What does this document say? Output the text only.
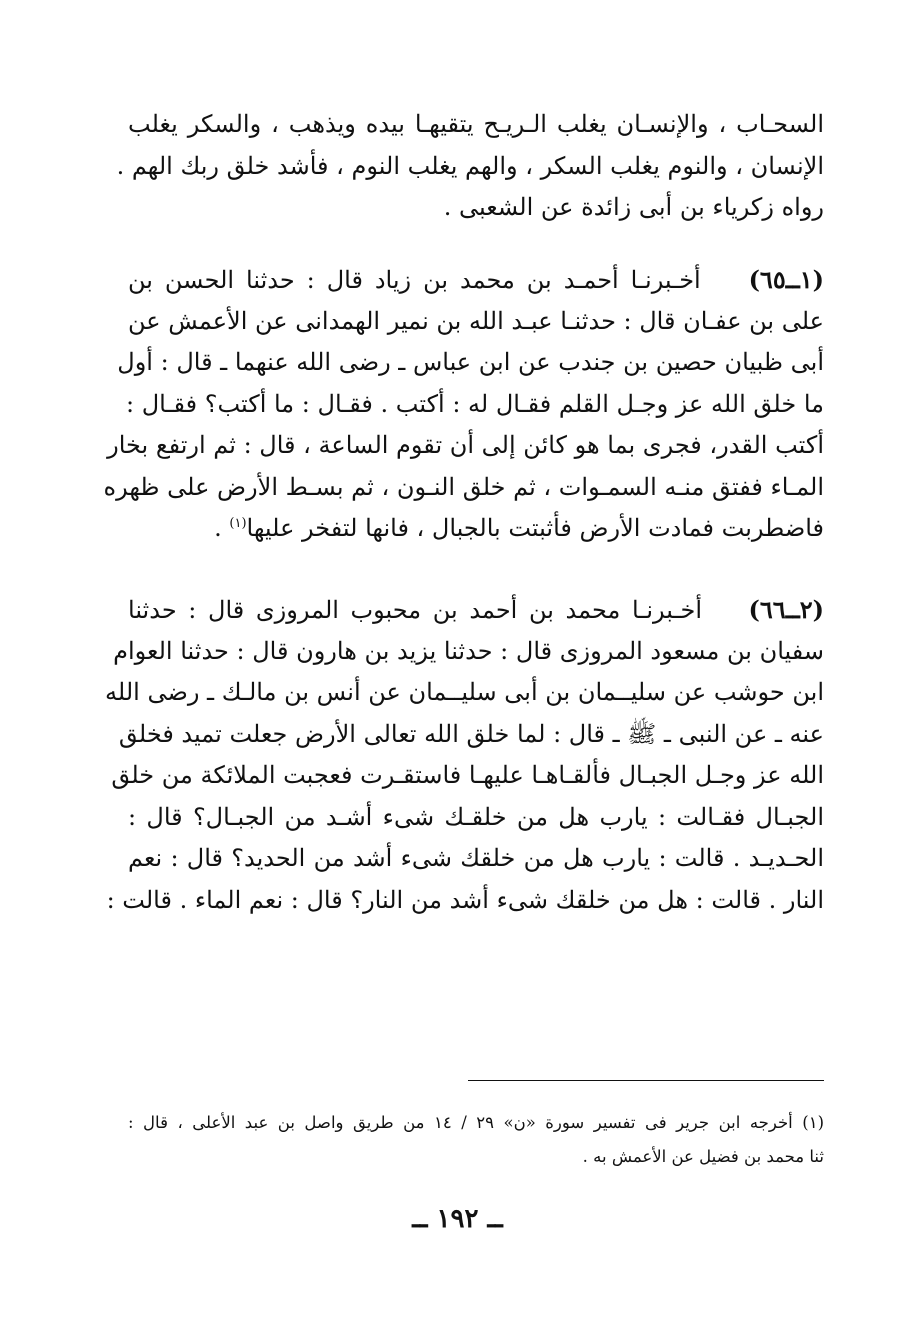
السحـاب ، والإنسـان يغلب الـريـح يتقيهـا بيده ويذهب ، والسكر يغلب
الإنسان ، والنوم يغلب السكر ، والهم يغلب النوم ، فأشد خلق ربك الهم .
رواه زكرياء بن أبى زائدة عن الشعبى .
(١ــ٦٥)    أخـبرنـا أحمـد بن محمد بن زياد قال : حدثنا الحسن بن
على بن عفـان قال : حدثنـا عبـد الله بن نمير الهمدانى عن الأعمش عن
أبى ظبيان حصين بن جندب عن ابن عباس ـ رضى الله عنهما ـ قال : أول
ما خلق الله عز وجـل القلم فقـال له : أكتب . فقـال : ما أكتب؟ فقـال :
أكتب القدر، فجرى بما هو كائن إلى أن تقوم الساعة ، قال : ثم ارتفع بخار
المـاء ففتق منـه السمـوات ، ثم خلق النـون ، ثم بسـط الأرض على ظهره
فاضطربت فمادت الأرض فأثبتت بالجبال ، فانها لتفخر عليها$^{(١)}$ .
(٢ــ٦٦)    أخـبرنـا محمد بن أحمد بن محبوب المروزى قال : حدثنا
سفيان بن مسعود المروزى قال : حدثنا يزيد بن هارون قال : حدثنا العوام
ابن حوشب عن سليــمان بن أبى سليــمان عن أنس بن مالـك ـ رضى الله
عنه ـ عن النبى ـ ﷺ ـ قال : لما خلق الله تعالى الأرض جعلت تميد فخلق
الله عز وجـل الجبـال فألقـاهـا عليهـا فاستقـرت فعجبت الملائكة من خلق
الجبـال فقـالت : يارب هل من خلقـك شىء أشـد من الجبـال؟ قال :
الحـديـد . قالت : يارب هل من خلقك شىء أشد من الحديد؟ قال : نعم
النار . قالت : هل من خلقك شىء أشد من النار؟ قال : نعم الماء . قالت :
(١) أخرجه ابن جرير فى تفسير سورة «ن» ٢٩ / ١٤ من طريق واصل بن عبد الأعلى ، قال :
ثنا محمد بن فضيل عن الأعمش به .
ــ ١٩٢ ــ
